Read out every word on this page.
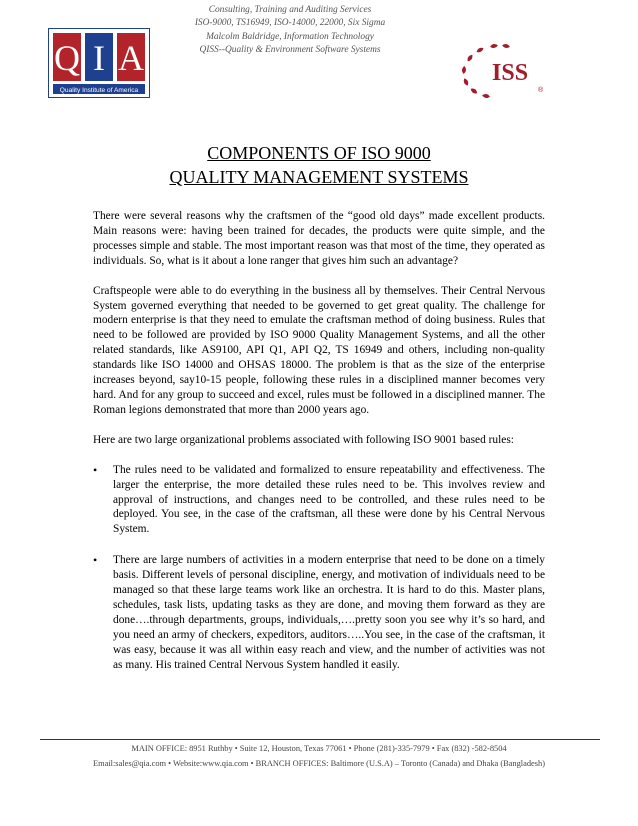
Consulting, Training and Auditing Services
ISO-9000, TS16949, ISO-14000, 22000, Six Sigma
Malcolm Baldridge, Information Technology
QISS--Quality & Environment Software Systems
Q I A
Quality Institute of America
ISS
®
COMPONENTS OF ISO 9000
QUALITY MANAGEMENT SYSTEMS

There were several reasons why the craftsmen of the “good old days” made excellent products. Main reasons were: having been trained for decades, the products were quite simple, and the processes simple and stable. The most important reason was that most of the time, they operated as individuals. So, what is it about a lone ranger that gives him such an advantage?

Craftspeople were able to do everything in the business all by themselves. Their Central Nervous System governed everything that needed to be governed to get great quality. The challenge for modern enterprise is that they need to emulate the craftsman method of doing business. Rules that need to be followed are provided by ISO 9000 Quality Management Systems, and all the other related standards, like AS9100, API Q1, API Q2, TS 16949 and others, including non-quality standards like ISO 14000 and OHSAS 18000. The problem is that as the size of the enterprise increases beyond, say10-15 people, following these rules in a disciplined manner becomes very hard. And for any group to succeed and excel, rules must be followed in a disciplined manner. The Roman legions demonstrated that more than 2000 years ago.

Here are two large organizational problems associated with following ISO 9001 based rules:

• The rules need to be validated and formalized to ensure repeatability and effectiveness. The larger the enterprise, the more detailed these rules need to be. This involves review and approval of instructions, and changes need to be controlled, and these rules need to be deployed. You see, in the case of the craftsman, all these were done by his Central Nervous System.
• There are large numbers of activities in a modern enterprise that need to be done on a timely basis. Different levels of personal discipline, energy, and motivation of individuals need to be managed so that these large teams work like an orchestra. It is hard to do this. Master plans, schedules, task lists, updating tasks as they are done, and moving them forward as they are done….through departments, groups, individuals,….pretty soon you see why it’s so hard, and you need an army of checkers, expeditors, auditors…..You see, in the case of the craftsman, it was easy, because it was all within easy reach and view, and the number of activities was not as many. His trained Central Nervous System handled it easily.
MAIN OFFICE: 8951 Ruthby • Suite 12, Houston, Texas 77061 • Phone (281)-335-7979 • Fax (832) -582-8504
Email:sales@qia.com • Website:www.qia.com • BRANCH OFFICES: Baltimore (U.S.A) – Toronto (Canada) and Dhaka (Bangladesh)
